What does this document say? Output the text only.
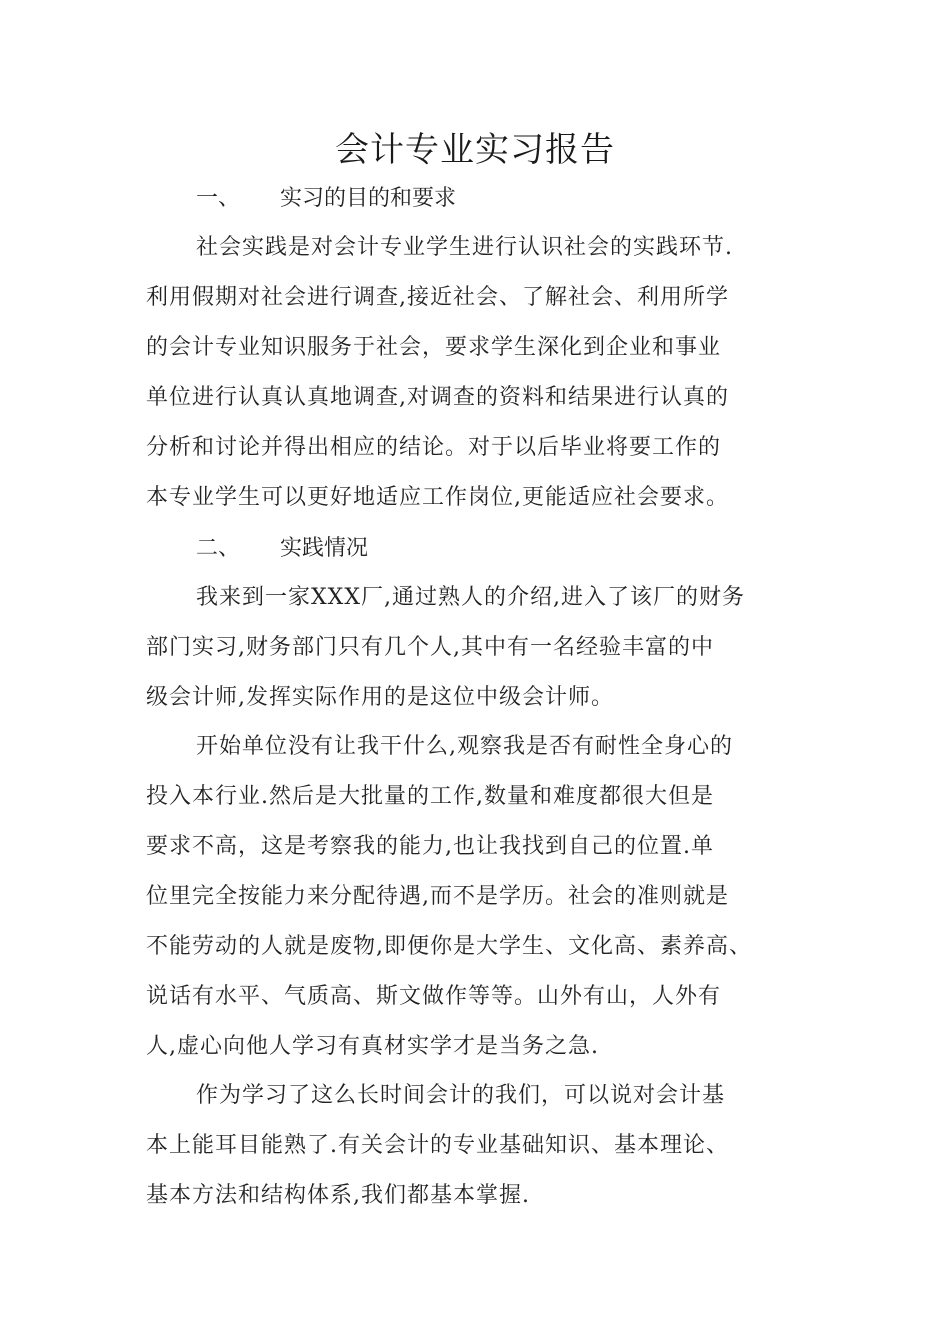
会计专业实习报告
一、 实习的目的和要求
社会实践是对会计专业学生进行认识社会的实践环节.
利用假期对社会进行调查,接近社会、了解社会、利用所学
的会计专业知识服务于社会，要求学生深化到企业和事业
单位进行认真认真地调查,对调查的资料和结果进行认真的
分析和讨论并得出相应的结论。对于以后毕业将要工作的
本专业学生可以更好地适应工作岗位,更能适应社会要求。
二、 实践情况
我来到一家XXX厂,通过熟人的介绍,进入了该厂的财务
部门实习,财务部门只有几个人,其中有一名经验丰富的中
级会计师,发挥实际作用的是这位中级会计师。
开始单位没有让我干什么,观察我是否有耐性全身心的
投入本行业.然后是大批量的工作,数量和难度都很大但是
要求不高，这是考察我的能力,也让我找到自己的位置.单
位里完全按能力来分配待遇,而不是学历。社会的准则就是
不能劳动的人就是废物,即便你是大学生、文化高、素养高、
说话有水平、气质高、斯文做作等等。山外有山，人外有
人,虚心向他人学习有真材实学才是当务之急.
作为学习了这么长时间会计的我们，可以说对会计基
本上能耳目能熟了.有关会计的专业基础知识、基本理论、
基本方法和结构体系,我们都基本掌握.
